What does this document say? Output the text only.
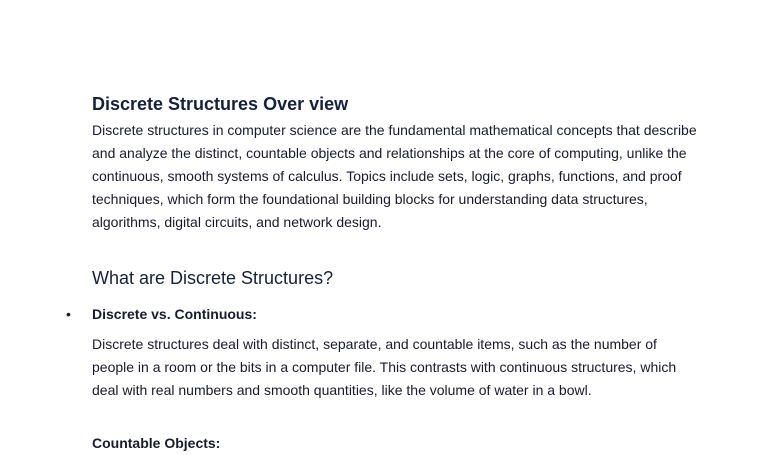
Discrete Structures Over view

Discrete structures in computer science are the fundamental mathematical concepts that describe and analyze the distinct, countable objects and relationships at the core of computing, unlike the continuous, smooth systems of calculus. Topics include sets, logic, graphs, functions, and proof techniques, which form the foundational building blocks for understanding data structures, algorithms, digital circuits, and network design.

What are Discrete Structures?
• Discrete vs. Continuous:

Discrete structures deal with distinct, separate, and countable items, such as the number of people in a room or the bits in a computer file. This contrasts with continuous structures, which deal with real numbers and smooth quantities, like the volume of water in a bowl.

Countable Objects:
